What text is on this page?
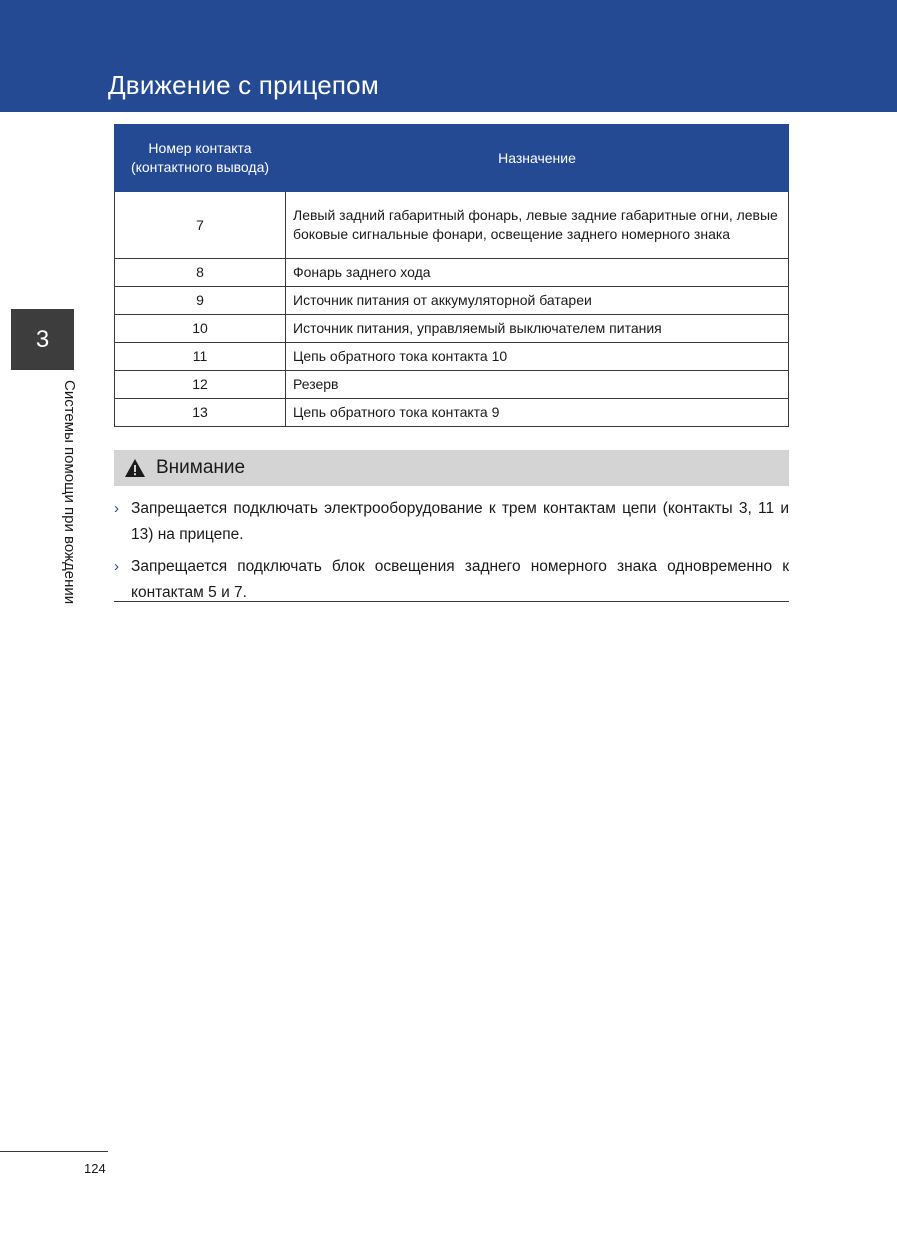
Движение с прицепом
3
Системы помощи при вождении
Номер контакта (контактного вывода)	Назначение
7	Левый задний габаритный фонарь, левые задние габаритные огни, левые боковые сигнальные фонари, освещение заднего номерного знака
8	Фонарь заднего хода
9	Источник питания от аккумуляторной батареи
10	Источник питания, управляемый выключателем питания
11	Цепь обратного тока контакта 10
12	Резерв
13	Цепь обратного тока контакта 9
Внимание
› Запрещается подключать электрооборудование к трем контактам цепи (контакты 3, 11 и 13) на прицепе.
› Запрещается подключать блок освещения заднего номерного знака одновременно к контактам 5 и 7.
124
